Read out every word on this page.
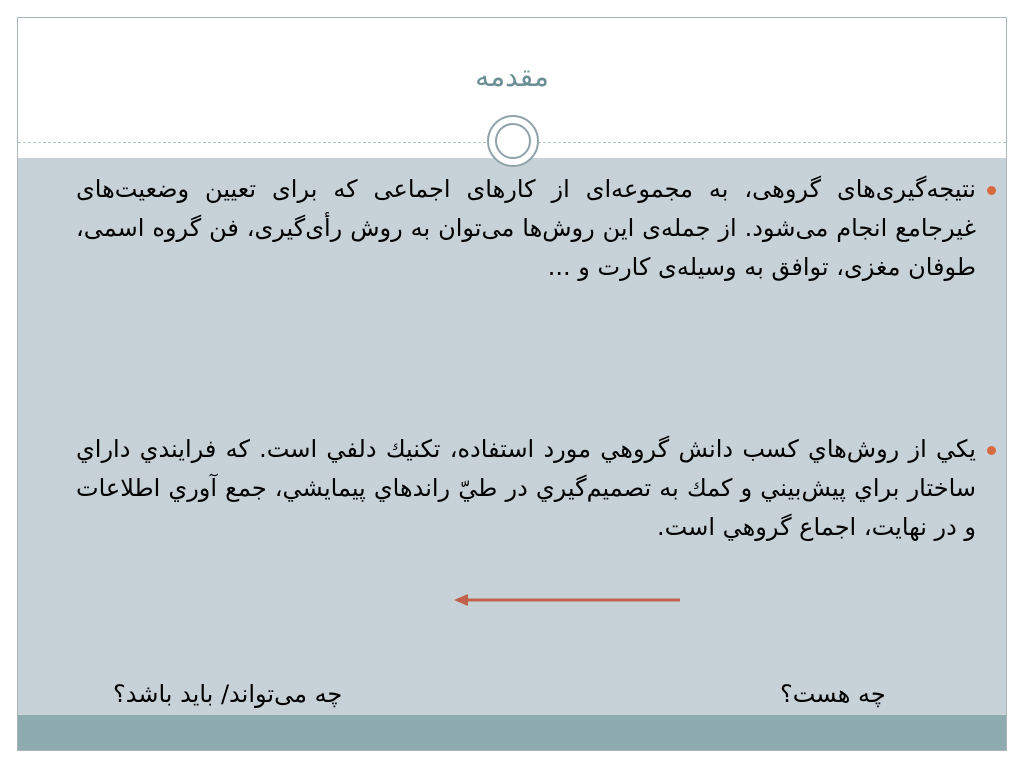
مقدمه
نتیجه‌گیری‌های گروهی، به مجموعه‌ای از کارهای اجماعی که برای تعیین وضعیت‌های غیرجامع انجام می‌شود. از جمله‌ی این روش‌ها می‌توان به روش رأی‌گیری، فن گروه اسمی، طوفان مغزی، توافق به وسیله‌ی کارت و ...
يکي از روش‌هاي کسب دانش گروهي مورد استفاده، تکنيك دلفي است. که فرايندي داراي ساختار براي پيش‌بيني و كمك به تصميم‌گيري در طيّ راندهاي پيمايشي، جمع آوري اطلاعات و در نهايت، اجماع گروهي است.
چه هست؟
چه می‌تواند/ باید باشد؟
